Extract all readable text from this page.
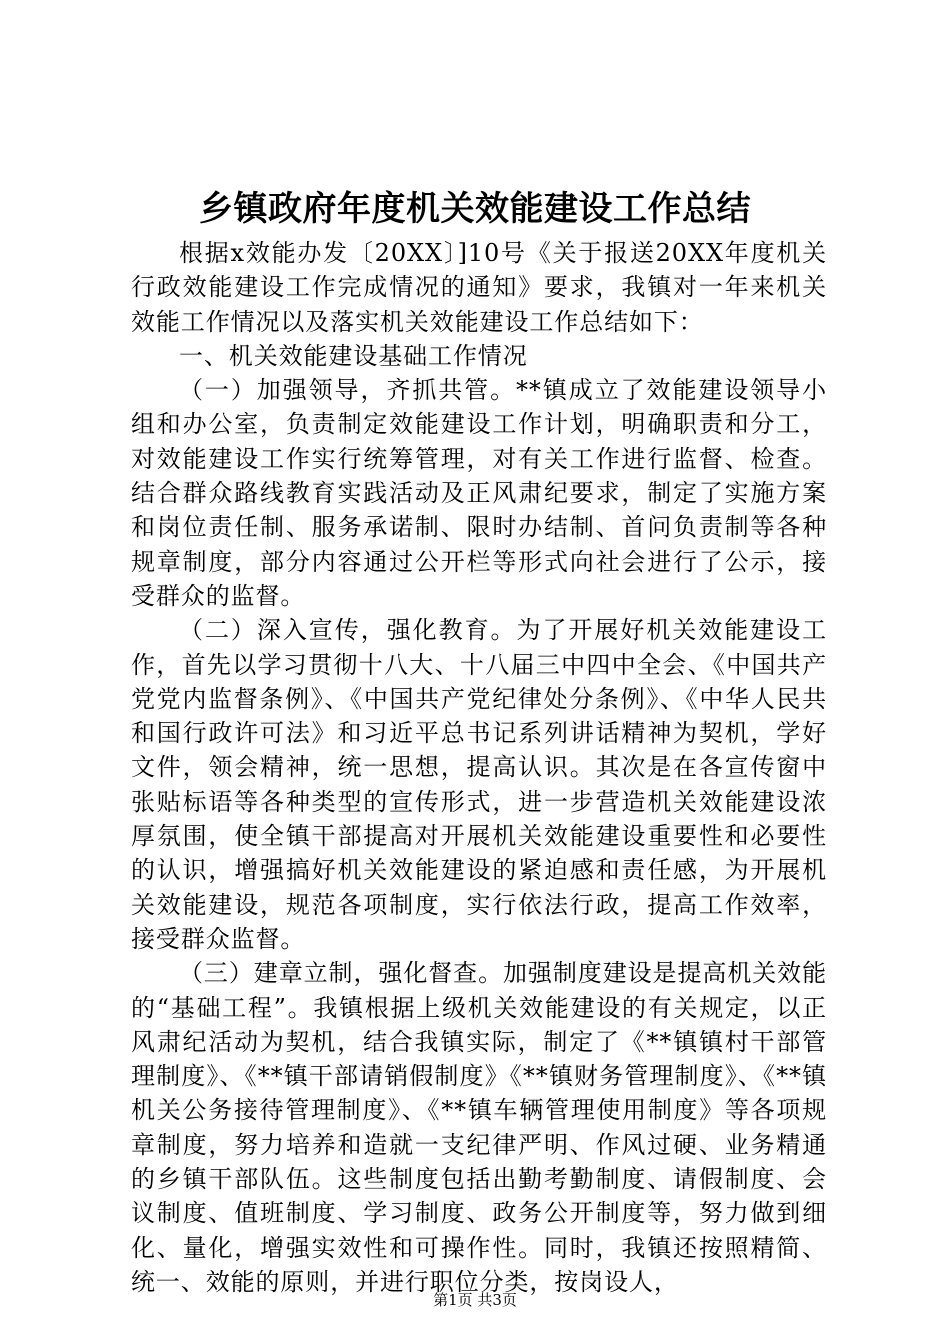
乡镇政府年度机关效能建设工作总结

根据x效能办发〔20XX〕]10号《关于报送20XX年度机关行政效能建设工作完成情况的通知》要求，我镇对一年来机关效能工作情况以及落实机关效能建设工作总结如下：

一、机关效能建设基础工作情况

（一）加强领导，齐抓共管。**镇成立了效能建设领导小组和办公室，负责制定效能建设工作计划，明确职责和分工，对效能建设工作实行统筹管理，对有关工作进行监督、检查。结合群众路线教育实践活动及正风肃纪要求，制定了实施方案和岗位责任制、服务承诺制、限时办结制、首问负责制等各种规章制度，部分内容通过公开栏等形式向社会进行了公示，接受群众的监督。

（二）深入宣传，强化教育。为了开展好机关效能建设工作，首先以学习贯彻十八大、十八届三中四中全会、《中国共产党党内监督条例》、《中国共产党纪律处分条例》、《中华人民共和国行政许可法》和习近平总书记系列讲话精神为契机，学好文件，领会精神，统一思想，提高认识。其次是在各宣传窗中张贴标语等各种类型的宣传形式，进一步营造机关效能建设浓厚氛围，使全镇干部提高对开展机关效能建设重要性和必要性的认识，增强搞好机关效能建设的紧迫感和责任感，为开展机关效能建设，规范各项制度，实行依法行政，提高工作效率，接受群众监督。

（三）建章立制，强化督查。加强制度建设是提高机关效能的“基础工程”。我镇根据上级机关效能建设的有关规定，以正风肃纪活动为契机，结合我镇实际，制定了《**镇镇村干部管理制度》、《**镇干部请销假制度》《**镇财务管理制度》、《**镇机关公务接待管理制度》、《**镇车辆管理使用制度》等各项规章制度，努力培养和造就一支纪律严明、作风过硬、业务精通的乡镇干部队伍。这些制度包括出勤考勤制度、请假制度、会议制度、值班制度、学习制度、政务公开制度等，努力做到细化、量化，增强实效性和可操作性。同时，我镇还按照精简、统一、效能的原则，并进行职位分类，按岗设人，

第1页 共3页
